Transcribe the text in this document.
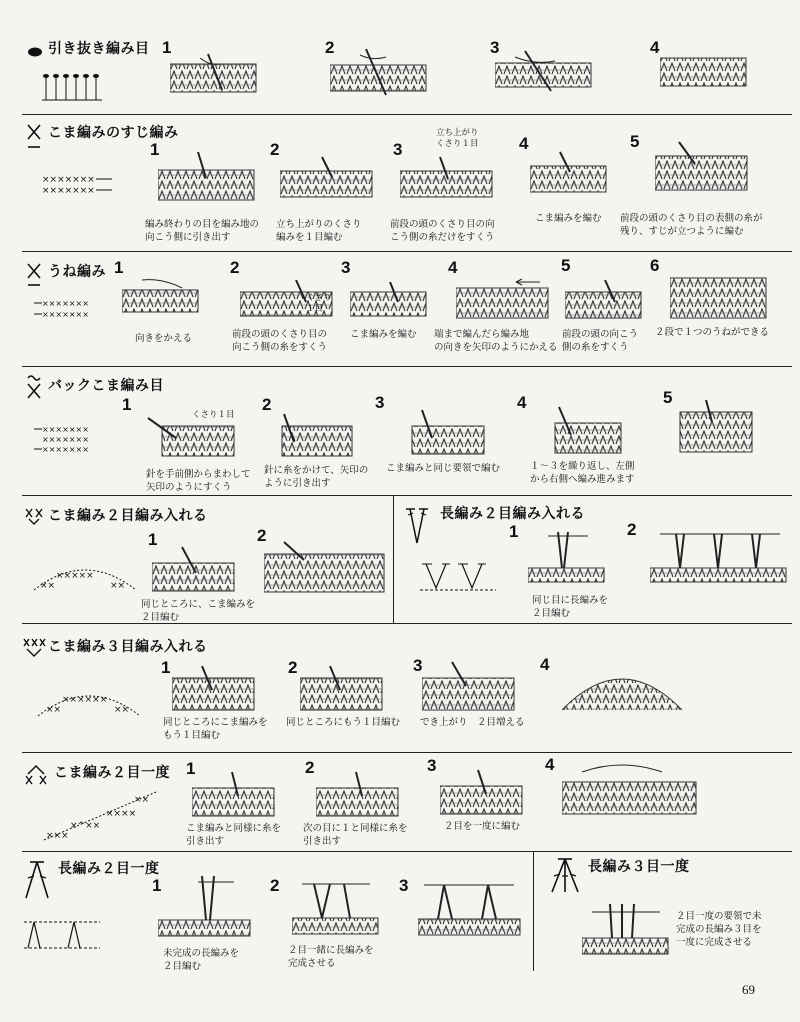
引き抜き編み目 1	2	3	4
こま編みのすじ編み
×××××××
×××××××
1
編み終わりの目を編み地の
向こう側に引き出す
2
立ち上がりのくさり
編みを１目編む
3
立ち上がり
くさり１目
前段の頭のくさり目の向
こう側の糸だけをすくう
4
こま編みを編む
5
前段の頭のくさり目の表側の糸が
残り、すじが立つように編む
うね編み
×××××××
×××××××
1
向きをかえる
2
くさり
１目
前段の頭のくさり目の
向こう側の糸をすくう
3
こま編みを編む
4
端まで編んだら編み地
の向きを矢印のようにかえる
5
前段の頭の向こう
側の糸をすくう
6
２段で１つのうねができる
バックこま編み目
×××××××
×××××××
×××××××
1
くさり１目
針を手前側からまわして
矢印のようにすくう
2
針に糸をかけて、矢印の
ように引き出す
3
こま編みと同じ要領で編む
4
１～３を繰り返し、左側
から右側へ編み進みます
5
こま編み２目編み入れる
×××××
××	××
1
同じところに、こま編みを
２目編む
2
長編み２目編み入れる
1
同じ目に長編みを
２目編む
2
こま編み３目編み入れる
××××××
××	××
1
同じところにこま編みを
もう１目編む
2
同じところにもう１目編む
3
でき上がり　２目増える
4
こま編み２目一度
×××
×^××
××××
××
1
こま編みと同様に糸を
引き出す
2
次の目に１と同様に糸を
引き出す
3
２目を一度に編む
4
長編み２目一度
1
未完成の長編みを
２目編む
2
２目一緒に長編みを
完成させる
3
長編み３目一度
２目一度の要領で未
完成の長編み３目を
一度に完成させる
69
